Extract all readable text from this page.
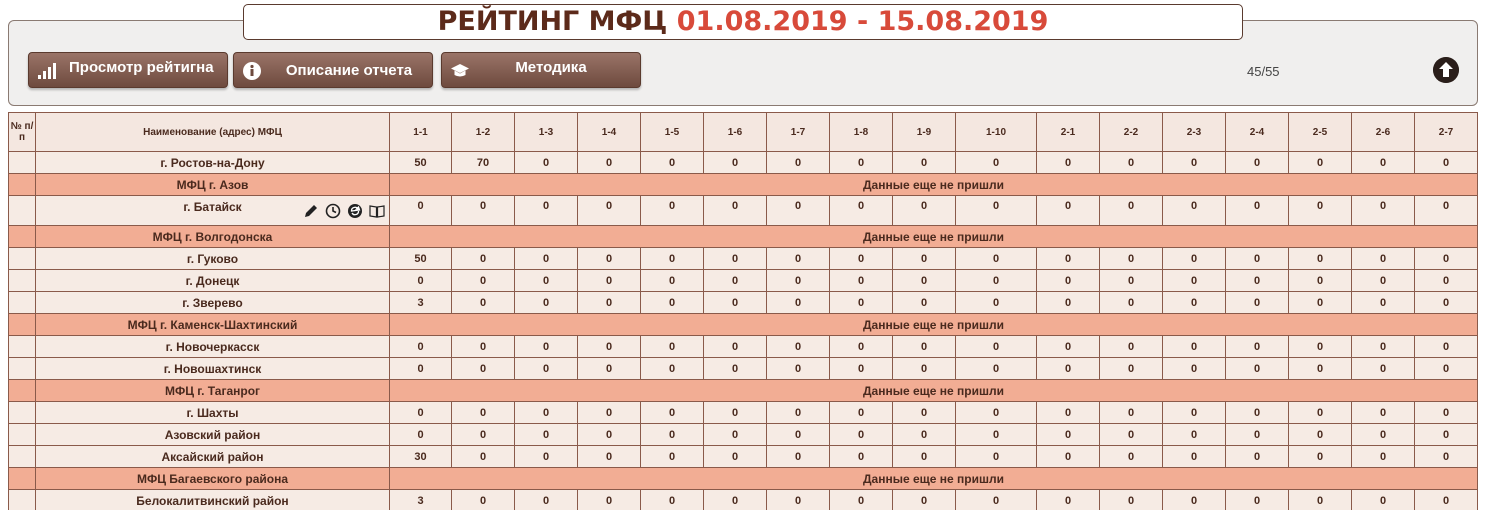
РЕЙТИНГ МФЦ 01.08.2019 - 15.08.2019
Просмотр рейтигна	Описание отчета	Методика	45/55
№ п/п	Наименование (адрес) МФЦ	1-1	1-2	1-3	1-4	1-5	1-6	1-7	1-8	1-9	1-10	2-1	2-2	2-3	2-4	2-5	2-6	2-7

	г. Ростов-на-Дону	50	70	0	0	0	0	0	0	0	0	0	0	0	0	0	0	0
	МФЦ г. Азов	Данные еще не пришли																

	г. Батайск	0	0	0	0	0	0	0	0	0	0	0	0	0	0	0	0	0
	МФЦ г. Волгодонска	Данные еще не пришли																

	г. Гуково	50	0	0	0	0	0	0	0	0	0	0	0	0	0	0	0	0

	г. Донецк	0	0	0	0	0	0	0	0	0	0	0	0	0	0	0	0	0

	г. Зверево	3	0	0	0	0	0	0	0	0	0	0	0	0	0	0	0	0
	МФЦ г. Каменск-Шахтинский	Данные еще не пришли																

	г. Новочеркасск	0	0	0	0	0	0	0	0	0	0	0	0	0	0	0	0	0

	г. Новошахтинск	0	0	0	0	0	0	0	0	0	0	0	0	0	0	0	0	0
	МФЦ г. Таганрог	Данные еще не пришли																

	г. Шахты	0	0	0	0	0	0	0	0	0	0	0	0	0	0	0	0	0

	Азовский район	0	0	0	0	0	0	0	0	0	0	0	0	0	0	0	0	0

	Аксайский район	30	0	0	0	0	0	0	0	0	0	0	0	0	0	0	0	0
	МФЦ Багаевского района	Данные еще не пришли																

	Белокалитвинский район	3	0	0	0	0	0	0	0	0	0	0	0	0	0	0	0	0
